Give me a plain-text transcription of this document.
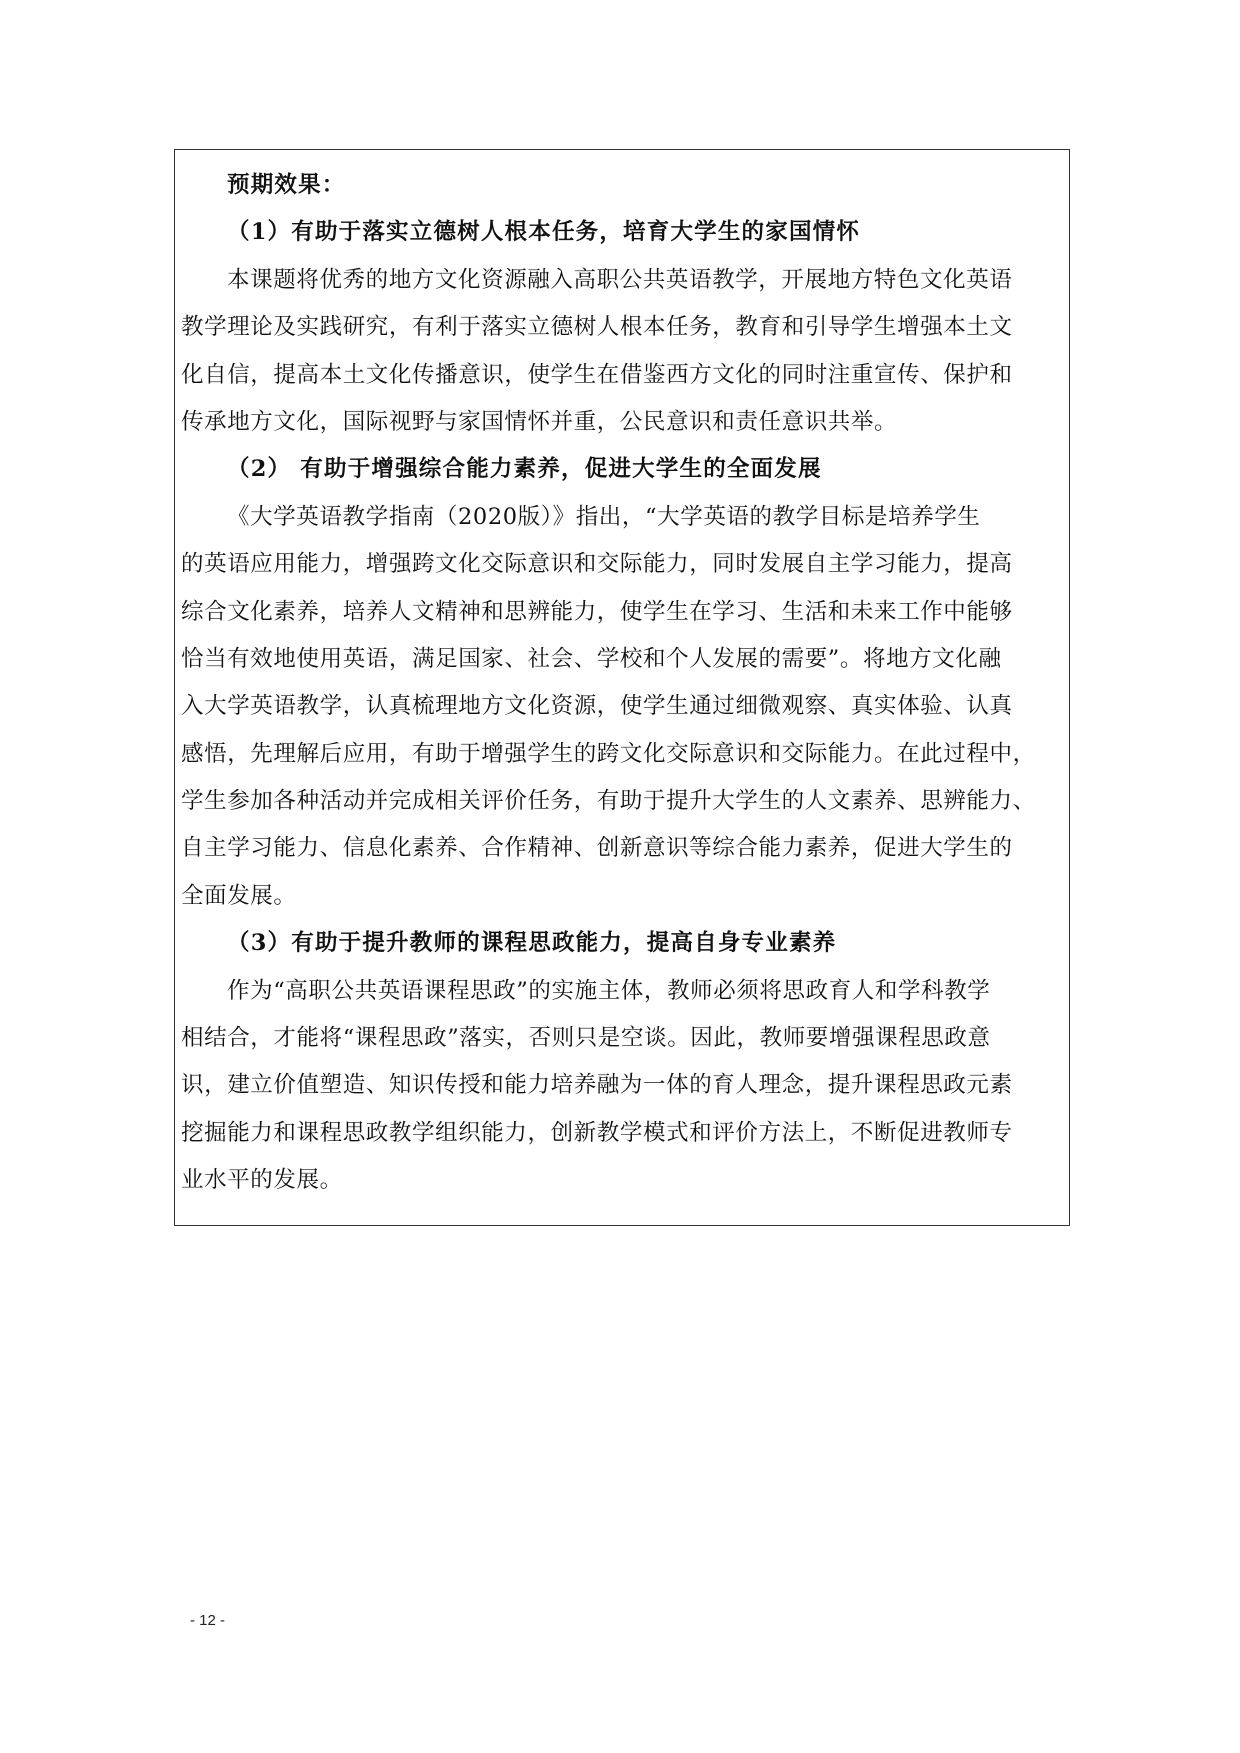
预期效果：
（1）有助于落实立德树人根本任务，培育大学生的家国情怀
本课题将优秀的地方文化资源融入高职公共英语教学，开展地方特色文化英语
教学理论及实践研究，有利于落实立德树人根本任务，教育和引导学生增强本土文
化自信，提高本土文化传播意识，使学生在借鉴西方文化的同时注重宣传、保护和
传承地方文化，国际视野与家国情怀并重，公民意识和责任意识共举。
（2） 有助于增强综合能力素养，促进大学生的全面发展
《大学英语教学指南（2020版）》指出，“大学英语的教学目标是培养学生
的英语应用能力，增强跨文化交际意识和交际能力，同时发展自主学习能力，提高
综合文化素养，培养人文精神和思辨能力，使学生在学习、生活和未来工作中能够
恰当有效地使用英语，满足国家、社会、学校和个人发展的需要”。将地方文化融
入大学英语教学，认真梳理地方文化资源，使学生通过细微观察、真实体验、认真
感悟，先理解后应用，有助于增强学生的跨文化交际意识和交际能力。在此过程中，
学生参加各种活动并完成相关评价任务，有助于提升大学生的人文素养、思辨能力、
自主学习能力、信息化素养、合作精神、创新意识等综合能力素养，促进大学生的
全面发展。
（3）有助于提升教师的课程思政能力，提高自身专业素养
作为“高职公共英语课程思政”的实施主体，教师必须将思政育人和学科教学
相结合，才能将“课程思政”落实，否则只是空谈。因此，教师要增强课程思政意
识，建立价值塑造、知识传授和能力培养融为一体的育人理念，提升课程思政元素
挖掘能力和课程思政教学组织能力，创新教学模式和评价方法上，不断促进教师专
业水平的发展。
- 12 -
